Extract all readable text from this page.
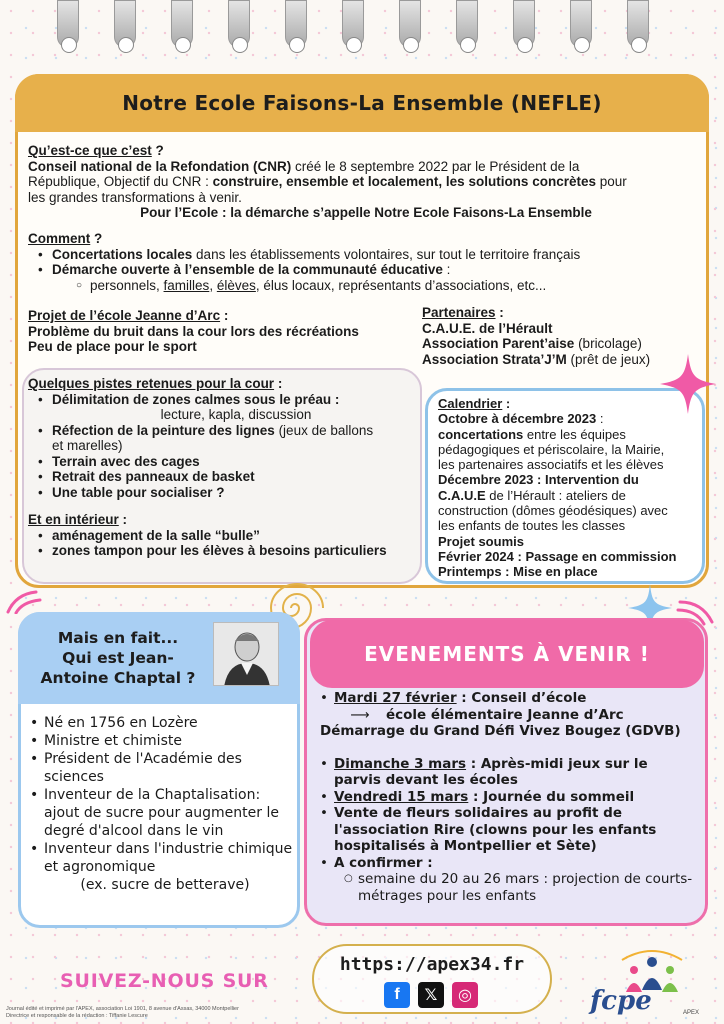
Notre Ecole Faisons-La Ensemble (NEFLE)
Qu’est-ce que c’est ?
Conseil national de la Refondation (CNR) créé le 8 septembre 2022 par le Président de la
République, Objectif du CNR : construire, ensemble et localement, les solutions concrètes pour
les grandes transformations à venir.
Pour l’Ecole : la démarche s’appelle Notre Ecole Faisons-La Ensemble
Comment ?
• Concertations locales dans les établissements volontaires, sur tout le territoire français
• Démarche ouverte à l’ensemble de la communauté éducative :
○ personnels, familles, élèves, élus locaux, représentants d’associations, etc...
Projet de l’école Jeanne d’Arc :
Problème du bruit dans la cour lors des récréations
Peu de place pour le sport
Partenaires :
C.A.U.E. de l’Hérault
Association Parent’aise (bricolage)
Association Strata’J’M (prêt de jeux)
Quelques pistes retenues pour la cour :
• Délimitation de zones calmes sous le préau :
lecture, kapla, discussion
• Réfection de la peinture des lignes (jeux de ballons
et marelles)
• Terrain avec des cages
• Retrait des panneaux de basket
• Une table pour socialiser ?
Et en intérieur :
• aménagement de la salle “bulle”
• zones tampon pour les élèves à besoins particuliers
Calendrier :
Octobre à décembre 2023 :
concertations entre les équipes
pédagogiques et périscolaire, la Mairie,
les partenaires associatifs et les élèves
Décembre 2023 : Intervention du
C.A.U.E de l’Hérault : ateliers de
construction (dômes géodésiques) avec
les enfants de toutes les classes
Projet soumis
Février 2024 : Passage en commission
Printemps : Mise en place
Mais en fait...
Qui est Jean-
Antoine Chaptal ?
• Né en 1756 en Lozère
• Ministre et chimiste
• Président de l'Académie des sciences
• Inventeur de la Chaptalisation: ajout de sucre pour augmenter le degré d'alcool dans le vin
• Inventeur dans l'industrie chimique et agronomique
(ex. sucre de betterave)
EVENEMENTS À VENIR !
• Mardi 27 février : Conseil d’école
⟶ école élémentaire Jeanne d’Arc
Démarrage du Grand Défi Vivez Bougez (GDVB)
• Dimanche 3 mars : Après-midi jeux sur le
parvis devant les écoles
• Vendredi 15 mars : Journée du sommeil
• Vente de fleurs solidaires au profit de l'association Rire (clowns pour les enfants hospitalisés à Montpellier et Sète)
• A confirmer :
○ semaine du 20 au 26 mars : projection de courts-métrages pour les enfants
SUIVEZ-NOUS SUR
https://apex34.fr
f	𝕏	◎
Journal édité et imprimé par l'APEX, association Loi 1901, 8 avenue d'Assas, 34000 Montpellier
Directrice et responsable de la rédaction : Tiffanie Lescure	fcpe	APEX
